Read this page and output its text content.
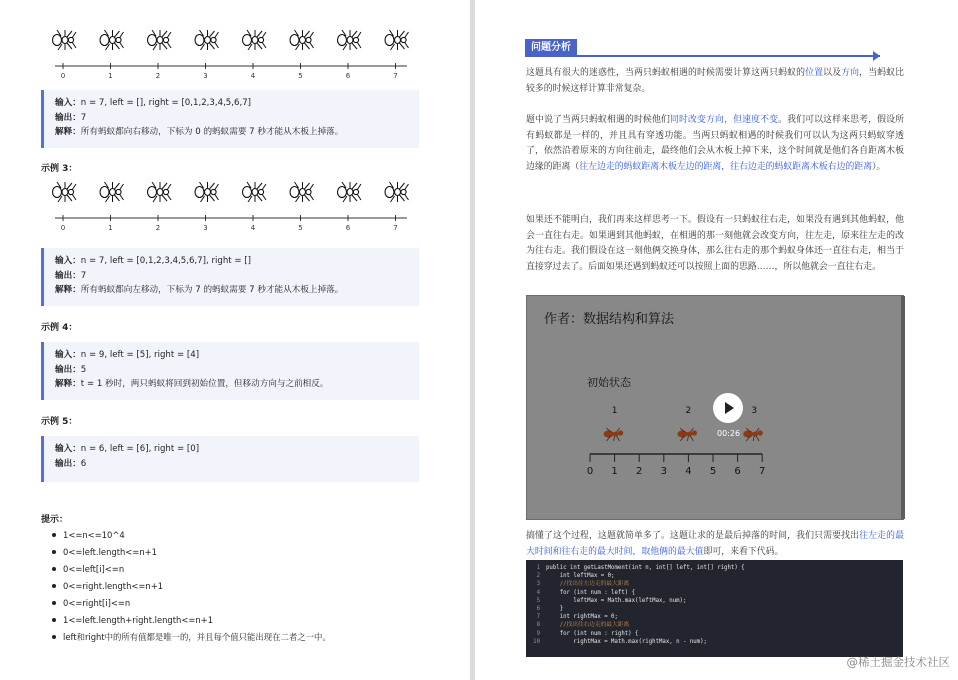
0	1	2	3	4	5	6	7
输入：n = 7, left = [], right = [0,1,2,3,4,5,6,7]
输出：7
解释：所有蚂蚁都向右移动，下标为 0 的蚂蚁需要 7 秒才能从木板上掉落。
示例 3：
0	1	2	3	4	5	6	7
输入：n = 7, left = [0,1,2,3,4,5,6,7], right = []
输出：7
解释：所有蚂蚁都向左移动，下标为 7 的蚂蚁需要 7 秒才能从木板上掉落。
示例 4：
输入：n = 9, left = [5], right = [4]
输出：5
解释：t = 1 秒时，两只蚂蚁将回到初始位置，但移动方向与之前相反。
示例 5：
输入：n = 6, left = [6], right = [0]
输出：6
提示：
1<=n<=10^4
0<=left.length<=n+1
0<=left[i]<=n
0<=right.length<=n+1
0<=right[i]<=n
1<=left.length+right.length<=n+1
left和right中的所有值都是唯一的，并且每个值只能出现在二者之一中。
问题分析
这题具有很大的迷惑性，当两只蚂蚁相遇的时候需要计算这两只蚂蚁的位置以及方向，当蚂蚁比较多的时候这样计算非常复杂。
题中说了当两只蚂蚁相遇的时候他们同时改变方向，但速度不变。我们可以这样来思考，假设所有蚂蚁都是一样的，并且具有穿透功能。当两只蚂蚁相遇的时候我们可以认为这两只蚂蚁穿透了，依然沿着原来的方向往前走，最终他们会从木板上掉下来，这个时间就是他们各自距离木板边缘的距离（往左边走的蚂蚁距离木板左边的距离，往右边走的蚂蚁距离木板右边的距离）。
如果还不能明白，我们再来这样思考一下。假设有一只蚂蚁往右走，如果没有遇到其他蚂蚁，他会一直往右走。如果遇到其他蚂蚁，在相遇的那一刻他就会改变方向，往左走，原来往左走的改为往右走。我们假设在这一刻他俩交换身体，那么往右走的那个蚂蚁身体还一直往右走，相当于直接穿过去了。后面如果还遇到蚂蚁还可以按照上面的思路……，所以他就会一直往右走。
作者：数据结构和算法
初始状态
0 1 2 3 4 5 6 7
1	2	3
00:26
搞懂了这个过程，这题就简单多了。这题让求的是最后掉落的时间，我们只需要找出往左走的最大时间和往右走的最大时间，取他俩的最大值即可，来看下代码。
1 public int getLastMoment(int n, int[] left, int[] right) {
2    int leftMax = 0;
3    //找出往左边走的最大距离
4    for (int num : left) {
5        leftMax = Math.max(leftMax, num);
6    }
7    int rightMax = 0;
8    //找出往右边走的最大距离
9    for (int num : right) {
10        rightMax = Math.max(rightMax, n - num);
@稀土掘金技术社区
